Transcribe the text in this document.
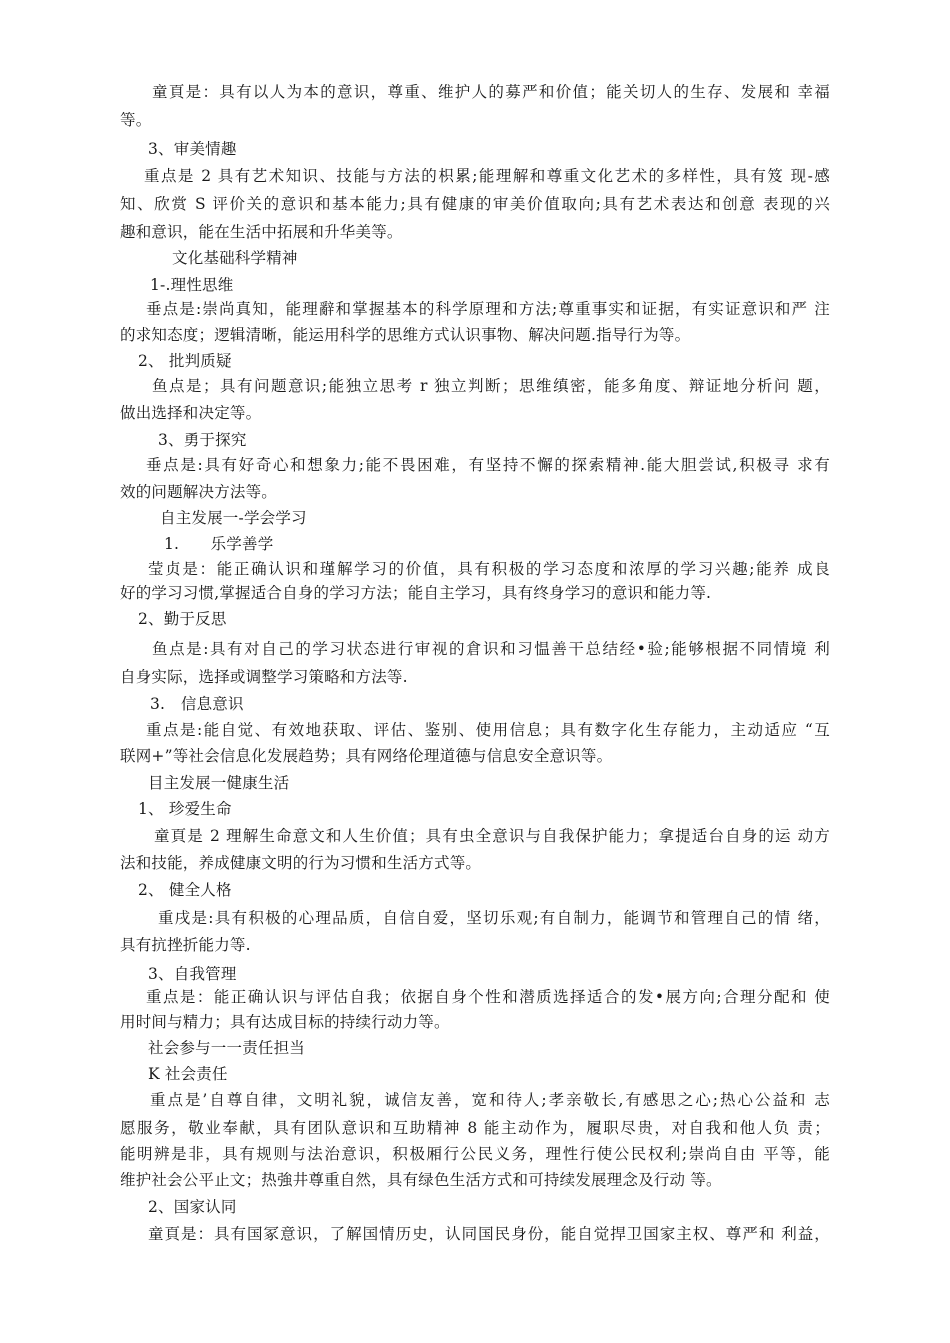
童頁是：具有以人为本的意识，尊重、维护人的募严和价值；能关切人的生存、发展和 幸福
等。
3、审美情趣
重点是 2 具有艺术知识、技能与方法的枳累;能理解和尊重文化艺术的多样性，具有笈 现-感
知、欣赏 S 评价关的意识和基本能力;具有健康的审美价值取向;具有艺术表达和创意 表现的兴
趣和意识，能在生活中拓展和升华美等。
文化基础科学精神
1-.理性思维
垂点是:崇尚真知，能理辭和掌握基本的科学原理和方法;尊重事实和证据，有实证意识和严 注
的求知态度；逻辑清晰，能运用科学的思维方式认识事物、解决问题.指导行为等。
2、 批判质疑
鱼点是；具有问题意识;能独立思考 r 独立判断；思维缜密，能多角度、辩证地分析问 题，
做出选择和决定等。
3、勇于探究
垂点是:具有好奇心和想象力;能不畏困难，有坚持不懈的探索精神.能大胆尝试,积极寻 求有
效的问题解决方法等。
自主发展一-学会学习
1.　　乐学善学
莹贞是：能正确认识和瑾解学习的价值，具有积极的学习态度和浓厚的学习兴趣;能养 成良
好的学习习惯,掌握适合自身的学习方法；能自主学习，具有终身学习的意识和能力等.
2、勤于反思
鱼点是:具有对自己的学习状态进行审视的倉识和习愠善干总结经•验;能够根据不同情境 利
自身实际，选择或调整学习策略和方法等.
3.　信息意识
重点是:能自觉、有效地获取、评估、鉴别、使用信息；具有数字化生存能力，主动适应 “互
联网+”等社会信息化发展趋势；具有网络伦理道德与信息安全意识等。
目主发展一健康生活
1、 珍爱生命
童頁是 2 理解生命意文和人生价值；具有虫全意识与自我保护能力；拿提适台自身的运 动方
法和技能，养成健康文明的行为习惯和生活方式等。
2、 健全人格
重戌是:具有积极的心理品质，自信自爱，坚切乐观;有自制力，能调节和管理自己的情 绪，
具有抗挫折能力等.
3、自我管理
重点是：能正确认识与评估自我；依据自身个性和潜质选择适合的发•展方向;合理分配和 使
用时间与精力；具有达成目标的持续行动力等。
社会参与一一责任担当
K 社会责任
重点是’自尊自律，文明礼貌，诚信友善，宽和待人;孝亲敬长,有感思之心;热心公益和 志
愿服务，敬业奉献，具有团队意识和互助精神 8 能主动作为，履职尽贵，对自我和他人负 责；
能明辨是非，具有规则与法治意识，积极厢行公民义务，理性行使公民权利;崇尚自由 平等，能
维护社会公平止文；热強井尊重自然，具有绿色生活方式和可持续发展理念及行动 等。
2、国家认同
童頁是：具有国冢意识，了解国情历史，认同国民身份，能自觉捍卫国家主权、尊严和 利益，
